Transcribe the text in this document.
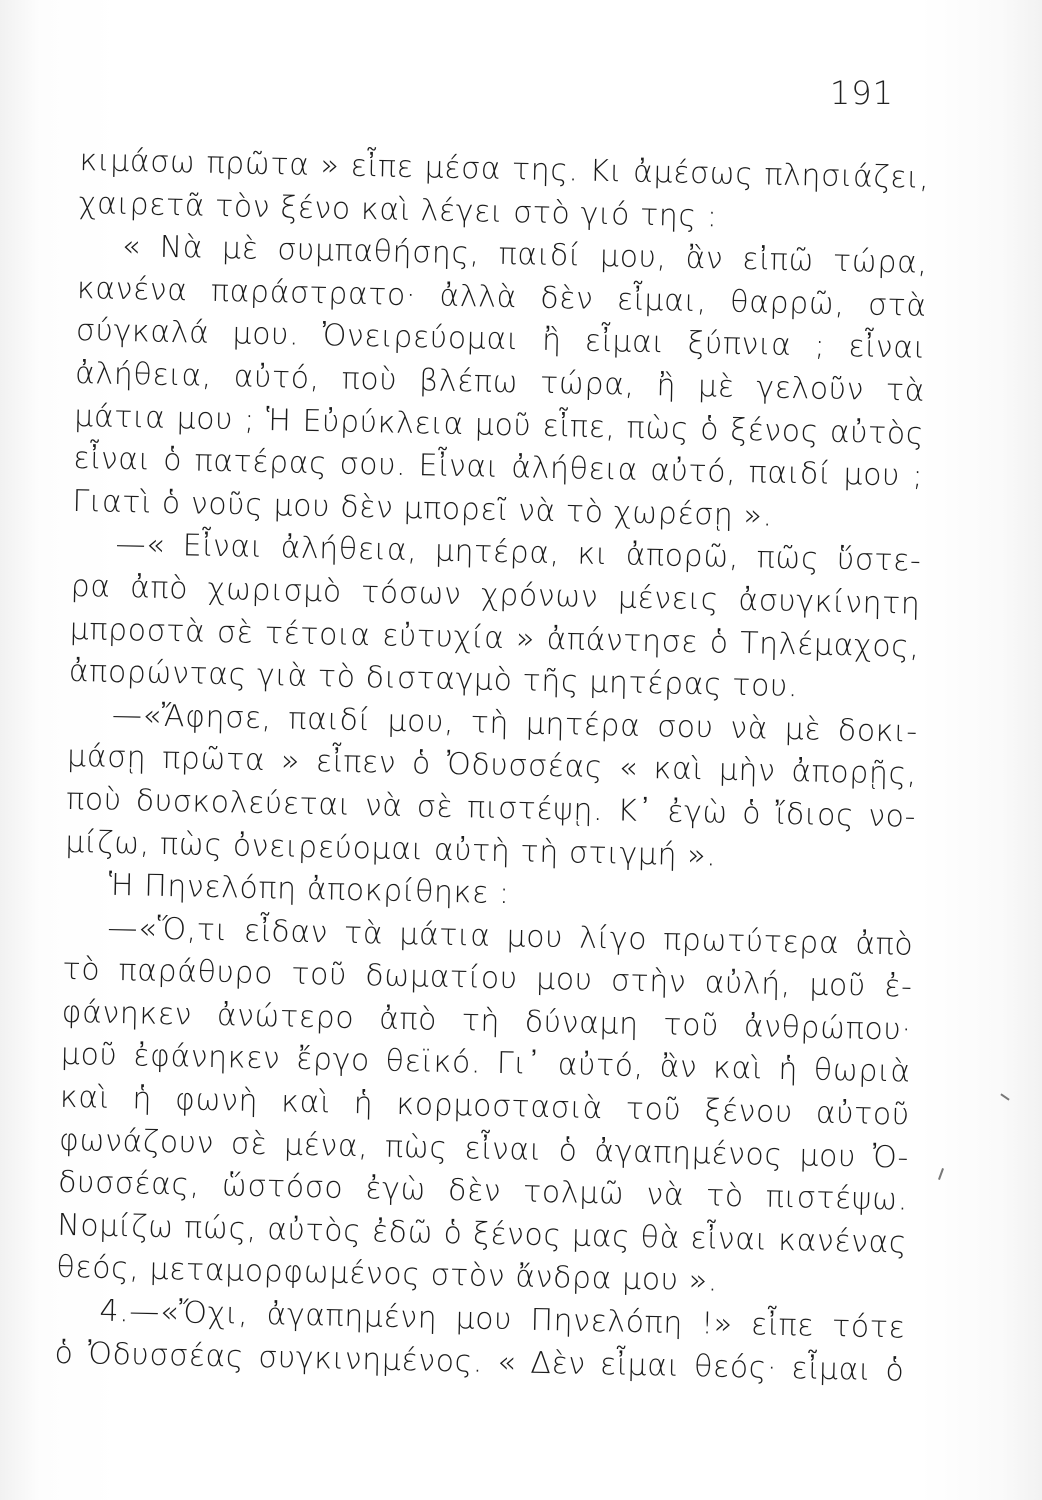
191
κιμάσω πρῶτα » εἶπε μέσα της. Κι ἀμέσως πλησιάζει,
χαιρετᾶ τὸν ξένο καὶ λέγει στὸ γιό της :
« Νὰ μὲ συμπαθήσης, παιδί μου, ἂν εἰπῶ τώρα,
κανένα παράστρατο· ἀλλὰ δὲν εἶμαι, θαρρῶ, στὰ
σύγκαλά μου. Ὀνειρεύομαι ἢ εἶμαι ξύπνια ; εἶναι
ἀλήθεια, αὐτό, ποὺ βλέπω τώρα, ἢ μὲ γελοῦν τὰ
μάτια μου ; Ἡ Εὐρύκλεια μοῦ εἶπε, πὼς ὁ ξένος αὐτὸς
εἶναι ὁ πατέρας σου. Εἶναι ἀλήθεια αὐτό, παιδί μου ;
Γιατὶ ὁ νοῦς μου δὲν μπορεῖ νὰ τὸ χωρέσῃ ».
—« Εἶναι ἀλήθεια, μητέρα, κι ἀπορῶ, πῶς ὕστε-
ρα ἀπὸ χωρισμὸ τόσων χρόνων μένεις ἀσυγκίνητη
μπροστὰ σὲ τέτοια εὐτυχία » ἀπάντησε ὁ Τηλέμαχος,
ἀπορώντας γιὰ τὸ δισταγμὸ τῆς μητέρας του.
—«Ἄφησε, παιδί μου, τὴ μητέρα σου νὰ μὲ δοκι-
μάσῃ πρῶτα » εἶπεν ὁ Ὀδυσσέας « καὶ μὴν ἀπορῇς,
ποὺ δυσκολεύεται νὰ σὲ πιστέψῃ. Κ᾽ ἐγὼ ὁ ἴδιος νο-
μίζω, πὼς ὀνειρεύομαι αὐτὴ τὴ στιγμή ».
Ἡ Πηνελόπη ἀποκρίθηκε :
—«Ὅ,τι εἶδαν τὰ μάτια μου λίγο πρωτύτερα ἀπὸ
τὸ παράθυρο τοῦ δωματίου μου στὴν αὐλή, μοῦ ἐ-
φάνηκεν ἀνώτερο ἀπὸ τὴ δύναμη τοῦ ἀνθρώπου·
μοῦ ἐφάνηκεν ἔργο θεϊκό. Γι᾽ αὐτό, ἂν καὶ ἡ θωριὰ
καὶ ἡ φωνὴ καὶ ἡ κορμοστασιὰ τοῦ ξένου αὐτοῦ
φωνάζουν σὲ μένα, πὼς εἶναι ὁ ἀγαπημένος μου Ὀ-
δυσσέας, ὥστόσο ἐγὼ δὲν τολμῶ νὰ τὸ πιστέψω.
Νομίζω πώς, αὐτὸς ἐδῶ ὁ ξένος μας θὰ εἶναι κανένας
θεός, μεταμορφωμένος στὸν ἄνδρα μου ».
4.—«Ὄχι, ἀγαπημένη μου Πηνελόπη !» εἶπε τότε
ὁ Ὀδυσσέας συγκινημένος. « Δὲν εἶμαι θεός· εἶμαι ὁ
